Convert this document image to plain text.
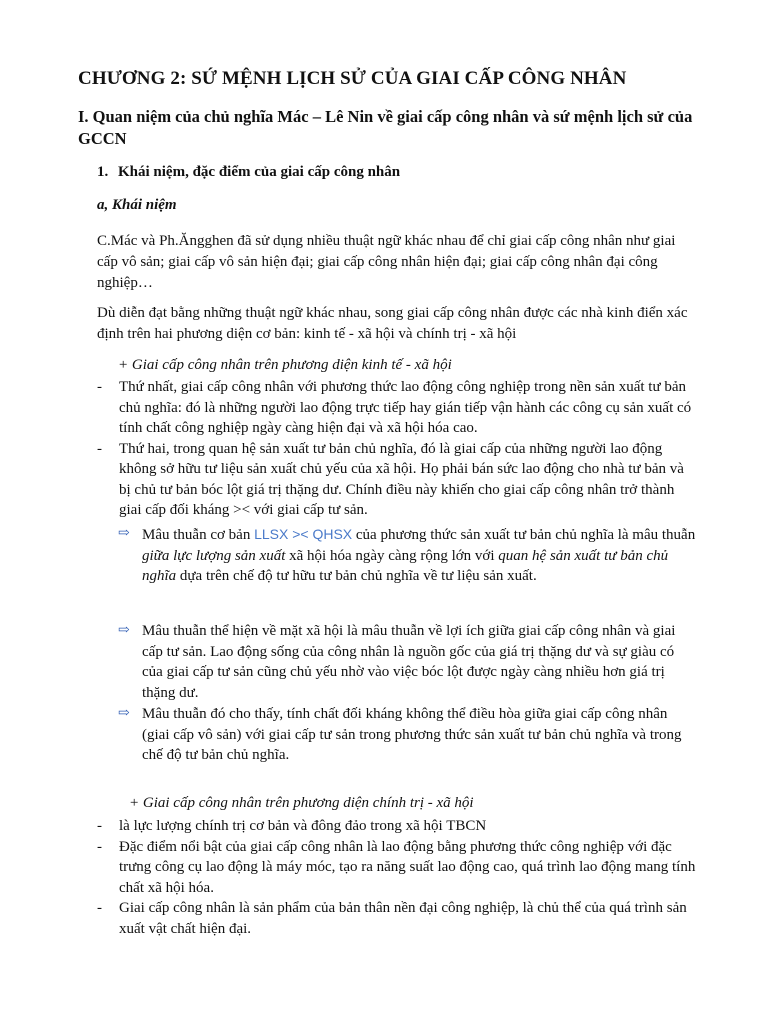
CHƯƠNG 2: SỨ MỆNH LỊCH SỬ CỦA GIAI CẤP CÔNG NHÂN
I. Quan niệm của chủ nghĩa Mác – Lê Nin về giai cấp công nhân và sứ mệnh lịch sử của GCCN
1. Khái niệm, đặc điểm của giai cấp công nhân
a, Khái niệm
C.Mác và Ph.Ăngghen đã sử dụng nhiều thuật ngữ khác nhau để chỉ giai cấp công nhân như giai cấp vô sản; giai cấp vô sản hiện đại; giai cấp công nhân hiện đại; giai cấp công nhân đại công nghiệp…
Dù diễn đạt bằng những thuật ngữ khác nhau, song giai cấp công nhân được các nhà kinh điển xác định trên hai phương diện cơ bản: kinh tế - xã hội và chính trị - xã hội
+ Giai cấp công nhân trên phương diện kinh tế - xã hội
- Thứ nhất, giai cấp công nhân với phương thức lao động công nghiệp trong nền sản xuất tư bản chủ nghĩa: đó là những người lao động trực tiếp hay gián tiếp vận hành các công cụ sản xuất có tính chất công nghiệp ngày càng hiện đại và xã hội hóa cao.
- Thứ hai, trong quan hệ sản xuất tư bản chủ nghĩa, đó là giai cấp của những người lao động không sở hữu tư liệu sản xuất chủ yếu của xã hội. Họ phải bán sức lao động cho nhà tư bản và bị chủ tư bản bóc lột giá trị thặng dư. Chính điều này khiến cho giai cấp công nhân trở thành giai cấp đối kháng >< với giai cấp tư sản.
⇨ Mâu thuẫn cơ bản LLSX >< QHSX của phương thức sản xuất tư bản chủ nghĩa là mâu thuẫn giữa lực lượng sản xuất xã hội hóa ngày càng rộng lớn với quan hệ sản xuất tư bản chủ nghĩa dựa trên chế độ tư hữu tư bản chủ nghĩa về tư liệu sản xuất.
⇨ Mâu thuẫn thể hiện về mặt xã hội là mâu thuẫn về lợi ích giữa giai cấp công nhân và giai cấp tư sản. Lao động sống của công nhân là nguồn gốc của giá trị thặng dư và sự giàu có của giai cấp tư sản cũng chủ yếu nhờ vào việc bóc lột được ngày càng nhiều hơn giá trị thặng dư.
⇨ Mâu thuẫn đó cho thấy, tính chất đối kháng không thể điều hòa giữa giai cấp công nhân (giai cấp vô sản) với giai cấp tư sản trong phương thức sản xuất tư bản chủ nghĩa và trong chế độ tư bản chủ nghĩa.
+ Giai cấp công nhân trên phương diện chính trị - xã hội
- là lực lượng chính trị cơ bản và đông đảo trong xã hội TBCN
- Đặc điểm nổi bật của giai cấp công nhân là lao động bằng phương thức công nghiệp với đặc trưng công cụ lao động là máy móc, tạo ra năng suất lao động cao, quá trình lao động mang tính chất xã hội hóa.
- Giai cấp công nhân là sản phẩm của bản thân nền đại công nghiệp, là chủ thể của quá trình sản xuất vật chất hiện đại.
